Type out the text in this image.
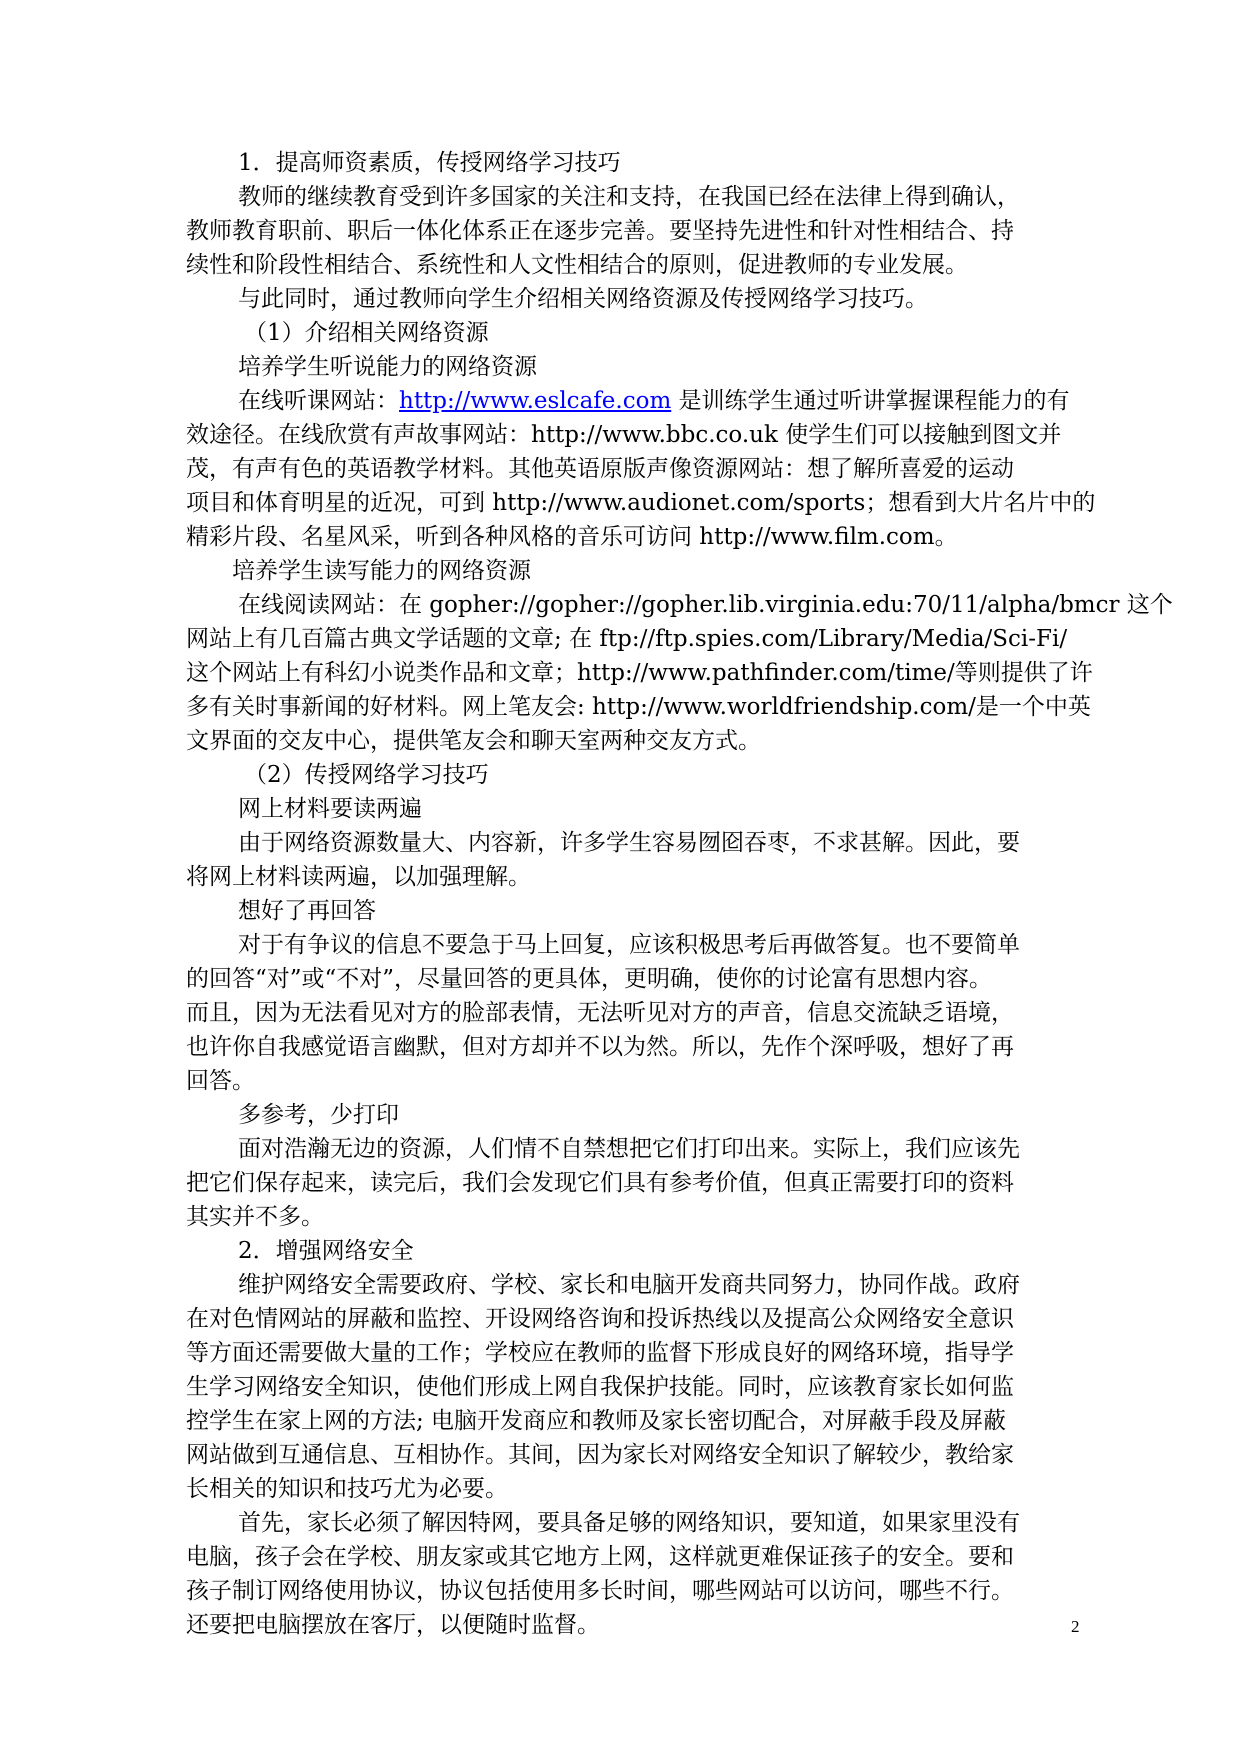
1．提高师资素质，传授网络学习技巧
教师的继续教育受到许多国家的关注和支持，在我国已经在法律上得到确认，
教师教育职前、职后一体化体系正在逐步完善。要坚持先进性和针对性相结合、持
续性和阶段性相结合、系统性和人文性相结合的原则，促进教师的专业发展。
与此同时，通过教师向学生介绍相关网络资源及传授网络学习技巧。
（1）介绍相关网络资源
培养学生听说能力的网络资源
在线听课网站：http://www.eslcafe.com 是训练学生通过听讲掌握课程能力的有
效途径。在线欣赏有声故事网站：http://www.bbc.co.uk 使学生们可以接触到图文并
茂，有声有色的英语教学材料。其他英语原版声像资源网站：想了解所喜爱的运动
项目和体育明星的近况，可到 http://www.audionet.com/sports；想看到大片名片中的
精彩片段、名星风采，听到各种风格的音乐可访问 http://www.film.com。
培养学生读写能力的网络资源
在线阅读网站：在 gopher://gopher://gopher.lib.virginia.edu:70/11/alpha/bmcr 这个
网站上有几百篇古典文学话题的文章; 在 ftp://ftp.spies.com/Library/Media/Sci-Fi/
这个网站上有科幻小说类作品和文章；http://www.pathfinder.com/time/等则提供了许
多有关时事新闻的好材料。网上笔友会: http://www.worldfriendship.com/是一个中英
文界面的交友中心，提供笔友会和聊天室两种交友方式。
（2）传授网络学习技巧
网上材料要读两遍
由于网络资源数量大、内容新，许多学生容易囫囵吞枣，不求甚解。因此，要
将网上材料读两遍，以加强理解。
想好了再回答
对于有争议的信息不要急于马上回复，应该积极思考后再做答复。也不要简单
的回答“对”或“不对”，尽量回答的更具体，更明确，使你的讨论富有思想内容。
而且，因为无法看见对方的脸部表情，无法听见对方的声音，信息交流缺乏语境，
也许你自我感觉语言幽默，但对方却并不以为然。所以，先作个深呼吸，想好了再
回答。
多参考，少打印
面对浩瀚无边的资源，人们情不自禁想把它们打印出来。实际上，我们应该先
把它们保存起来，读完后，我们会发现它们具有参考价值，但真正需要打印的资料
其实并不多。
2．增强网络安全
维护网络安全需要政府、学校、家长和电脑开发商共同努力，协同作战。政府
在对色情网站的屏蔽和监控、开设网络咨询和投诉热线以及提高公众网络安全意识
等方面还需要做大量的工作；学校应在教师的监督下形成良好的网络环境，指导学
生学习网络安全知识，使他们形成上网自我保护技能。同时，应该教育家长如何监
控学生在家上网的方法; 电脑开发商应和教师及家长密切配合，对屏蔽手段及屏蔽
网站做到互通信息、互相协作。其间，因为家长对网络安全知识了解较少，教给家
长相关的知识和技巧尤为必要。
首先，家长必须了解因特网，要具备足够的网络知识，要知道，如果家里没有
电脑，孩子会在学校、朋友家或其它地方上网，这样就更难保证孩子的安全。要和
孩子制订网络使用协议，协议包括使用多长时间，哪些网站可以访问，哪些不行。
还要把电脑摆放在客厅，以便随时监督。	2
